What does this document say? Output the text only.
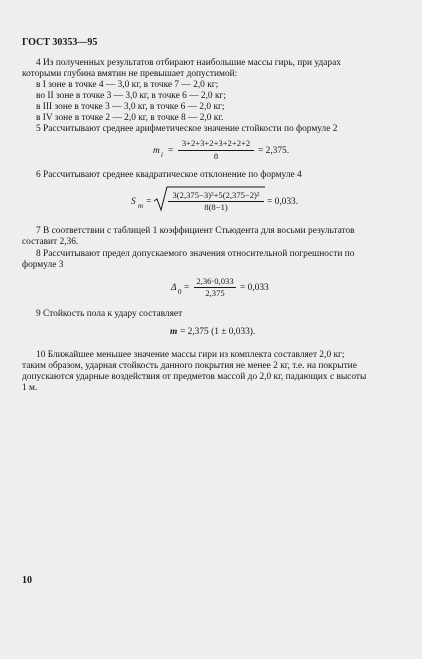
ГОСТ 30353—95
4 Из полученных результатов отбирают наибольшие массы гирь, при ударах
которыми глубина вмятин не превышает допустимой:
в I зоне в точке 4 — 3,0 кг, в точке 7 — 2,0 кг;
во II зоне в точке 3 — 3,0 кг, в точке 6 — 2,0 кг;
в III зоне в точке 3 — 3,0 кг, в точке 6 — 2,0 кг;
в IV зоне в точке 2 — 2,0 кг, в точке 8 — 2,0 кг.
5 Рассчитывают среднее арифметическое значение стойкости по формуле 2
m i =
3+2+3+2+3+2+2+2
8	= 2,375.
6 Рассчитывают среднее квадратическое отклонение по формуле 4
S m =
3(2,375−3)²+5(2,375−2)²
8(8−1)	= 0,033.
7 В соответствии с таблицей 1 коэффициент Стьюдента для восьми результатов
составит 2,36.
8 Рассчитывают предел допускаемого значения относительной погрешности по
формуле 3
Δ 0 =
2,36·0,033
2,375	= 0,033
9 Стойкость пола к удару составляет
m = 2,375 (1 ± 0,033).
10 Ближайшее меньшее значение массы гири из комплекта составляет 2,0 кг;
таким образом, ударная стойкость данного покрытия не менее 2 кг, т.е. на покрытие
допускаются ударные воздействия от предметов массой до 2,0 кг, падающих с высоты
1 м.
10
